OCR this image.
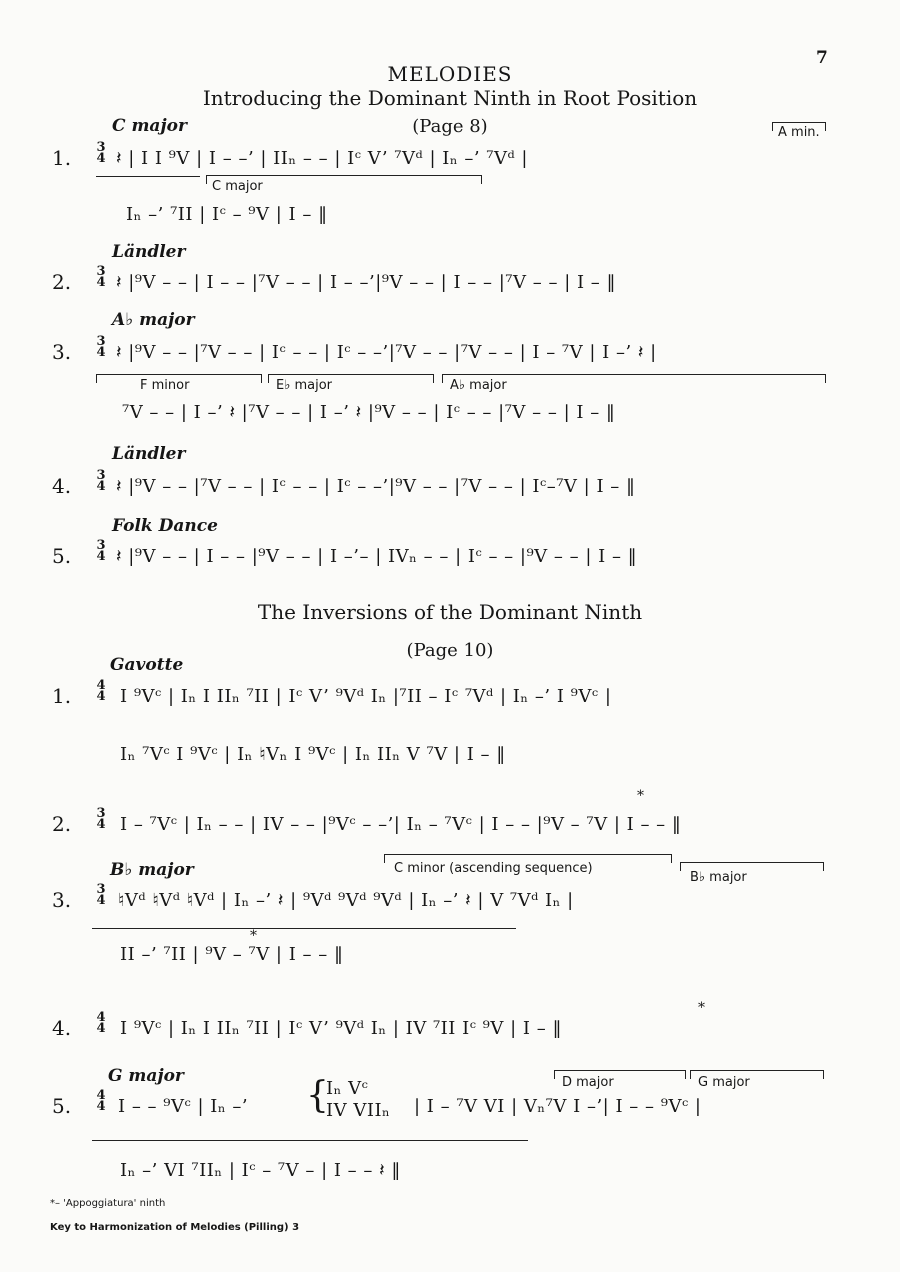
7
MELODIES
Introducing the Dominant Ninth in Root Position
(Page 8)
C major
1. 3
4 𝄽 | I I ⁹V | I – –’ | IIₙ – – | Iᶜ V’ ⁷Vᵈ | Iₙ –’ ⁷Vᵈ |
A min.
C major
Iₙ –’ ⁷II | Iᶜ – ⁹V | I – ‖
Ländler
2. 3
4 𝄽 |⁹V – – | I – – |⁷V – – | I – –’|⁹V – – | I – – |⁷V – – | I – ‖
A♭ major
3. 3
4 𝄽 |⁹V – – |⁷V – – | Iᶜ – – | Iᶜ – –’|⁷V – – |⁷V – – | I – ⁷V | I –’ 𝄽 |
F minor	E♭ major	A♭ major
⁷V – – | I –’ 𝄽 |⁷V – – | I –’ 𝄽 |⁹V – – | Iᶜ – – |⁷V – – | I – ‖
Ländler
4. 3
4 𝄽 |⁹V – – |⁷V – – | Iᶜ – – | Iᶜ – –’|⁹V – – |⁷V – – | Iᶜ–⁷V | I – ‖
Folk Dance
5. 3
4 𝄽 |⁹V – – | I – – |⁹V – – | I –’– | IVₙ – – | Iᶜ – – |⁹V – – | I – ‖
The Inversions of the Dominant Ninth
(Page 10)
Gavotte
1. 4
4 I ⁹Vᶜ | Iₙ I IIₙ ⁷II | Iᶜ V’ ⁹Vᵈ Iₙ |⁷II – Iᶜ ⁷Vᵈ | Iₙ –’ I ⁹Vᶜ |
Iₙ ⁷Vᶜ I ⁹Vᶜ | Iₙ ♮Vₙ I ⁹Vᶜ | Iₙ IIₙ V ⁷V | I – ‖
2. 3
4
*
I – ⁷Vᶜ | Iₙ – – | IV – – |⁹Vᶜ – –’| Iₙ – ⁷Vᶜ | I – – |⁹V – ⁷V | I – – ‖
B♭ major	C minor (ascending sequence)
B♭ major
3. 3
4 ♮Vᵈ ♮Vᵈ ♮Vᵈ | Iₙ –’ 𝄽 | ⁹Vᵈ ⁹Vᵈ ⁹Vᵈ | Iₙ –’ 𝄽 | V ⁷Vᵈ Iₙ |
*
II –’ ⁷II | ⁹V – ⁷V | I – – ‖
4. 4
4
*
I ⁹Vᶜ | Iₙ I IIₙ ⁷II | Iᶜ V’ ⁹Vᵈ Iₙ | IV ⁷II Iᶜ ⁹V | I – ‖
G major	D major	G major
5. 4
4 I – – ⁹Vᶜ | Iₙ –’ {
Iₙ Vᶜ
IV VIIₙ | I – ⁷V VI | Vₙ⁷V I –’| I – – ⁹Vᶜ |
Iₙ –’ VI ⁷IIₙ | Iᶜ – ⁷V – | I – – 𝄽 ‖
*– 'Appoggiatura' ninth
Key to Harmonization of Melodies (Pilling) 3
